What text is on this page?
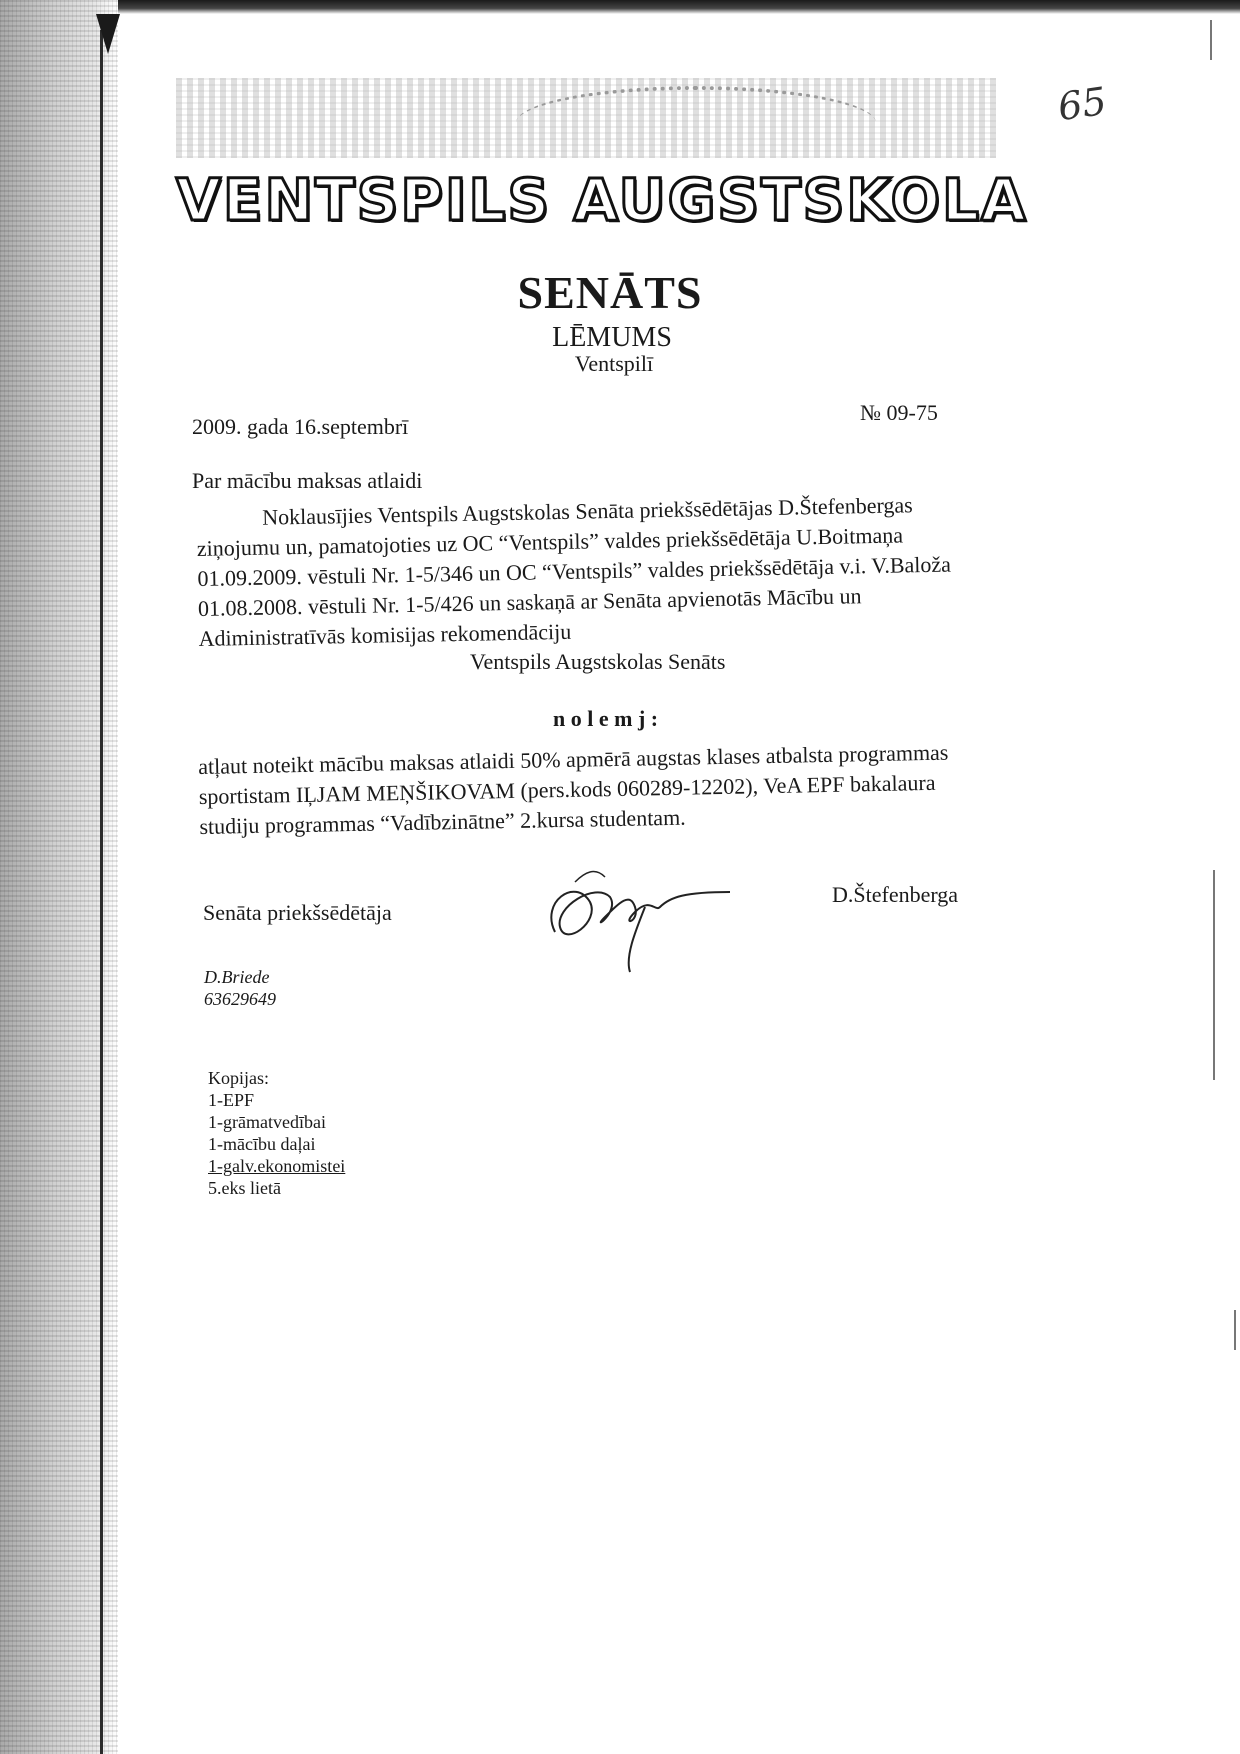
VENTSPILS AUGSTSKOLA
65
SENĀTS
LĒMUMS
Ventspilī
2009. gada 16.septembrī
№ 09-75
Par mācību maksas atlaidi
Noklausījies Ventspils Augstskolas Senāta priekšsēdētājas D.Štefenbergas
ziņojumu un, pamatojoties uz OC “Ventspils” valdes priekšsēdētāja U.Boitmaņa
01.09.2009. vēstuli Nr. 1-5/346 un OC “Ventspils” valdes priekšsēdētāja v.i. V.Baloža
01.08.2008. vēstuli Nr. 1-5/426 un saskaņā ar Senāta apvienotās Mācību un
Adiministratīvās komisijas rekomendāciju
Ventspils Augstskolas Senāts
n o l e m j :
atļaut noteikt mācību maksas atlaidi 50% apmērā augstas klases atbalsta programmas
sportistam IĻJAM MEŅŠIKOVAM (pers.kods 060289-12202), VeA EPF bakalaura
studiju programmas “Vadībzinātne” 2.kursa studentam.
Senāta priekšsēdētāja
D.Štefenberga
D.Briede
63629649
Kopijas:
1-EPF
1-grāmatvedībai
1-mācību daļai
1-galv.ekonomistei
5.eks lietā
